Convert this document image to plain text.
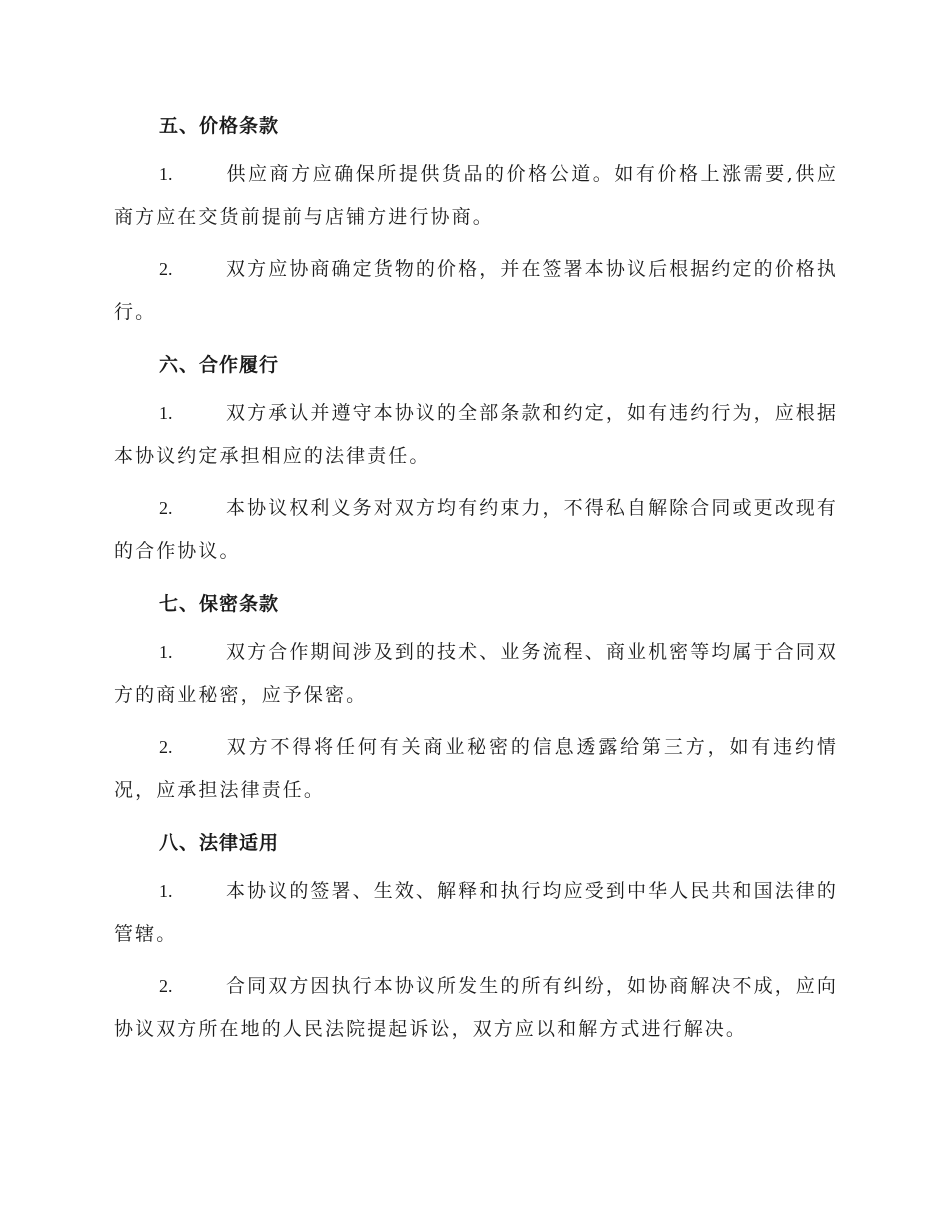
五、价格条款

1.	供应商方应确保所提供货品的价格公道。如有价格上涨需要,供应商方应在交货前提前与店铺方进行协商。

2.	双方应协商确定货物的价格，并在签署本协议后根据约定的价格执行。

六、合作履行

1.	双方承认并遵守本协议的全部条款和约定，如有违约行为，应根据本协议约定承担相应的法律责任。

2.	本协议权利义务对双方均有约束力，不得私自解除合同或更改现有的合作协议。

七、保密条款

1.	双方合作期间涉及到的技术、业务流程、商业机密等均属于合同双方的商业秘密，应予保密。

2.	双方不得将任何有关商业秘密的信息透露给第三方，如有违约情况，应承担法律责任。

八、法律适用

1.	本协议的签署、生效、解释和执行均应受到中华人民共和国法律的管辖。

2.	合同双方因执行本协议所发生的所有纠纷，如协商解决不成，应向协议双方所在地的人民法院提起诉讼，双方应以和解方式进行解决。
